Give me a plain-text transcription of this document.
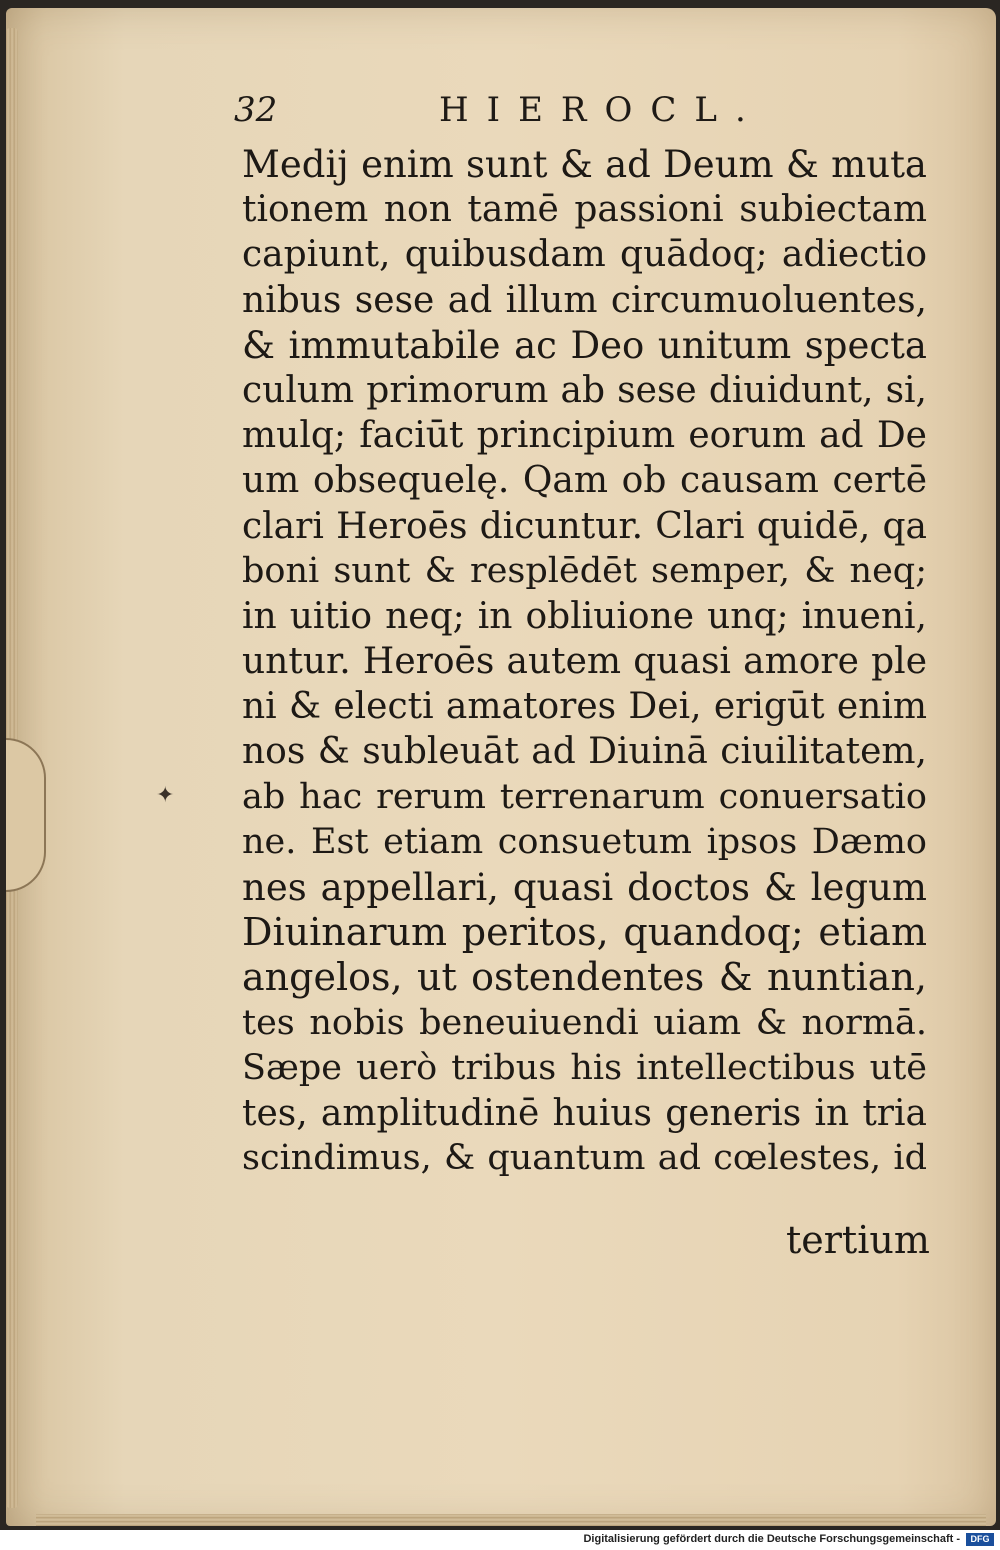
✦
32	HIEROCL.
Medij enim sunt & ad Deum & muta
tionem non tamē passioni subiectam
capiunt, quibusdam quādoq; adiectio
nibus sese ad illum circumuoluentes,
& immutabile ac Deo unitum specta
culum primorum ab sese diuidunt, si,
mulq; faciūt principium eorum ad De
um obsequelę. Qam ob causam certē
clari Heroēs dicuntur. Clari quidē, qa
boni sunt & resplēdēt semper, & neq;
in uitio neq; in obliuione unq; inueni,
untur. Heroēs autem quasi amore ple
ni & electi amatores Dei, erigūt enim
nos & subleuāt ad Diuinā ciuilitatem,
ab hac rerum terrenarum conuersatio
ne. Est etiam consuetum ipsos Dæmo
nes appellari, quasi doctos & legum
Diuinarum peritos, quandoq; etiam
angelos, ut ostendentes & nuntian,
tes nobis beneuiuendi uiam & normā.
Sæpe uerò tribus his intellectibus utē
tes, amplitudinē huius generis in tria
scindimus, & quantum ad cœlestes, id
tertium
Digitalisierung gefördert durch die Deutsche Forschungsgemeinschaft -	DFG
